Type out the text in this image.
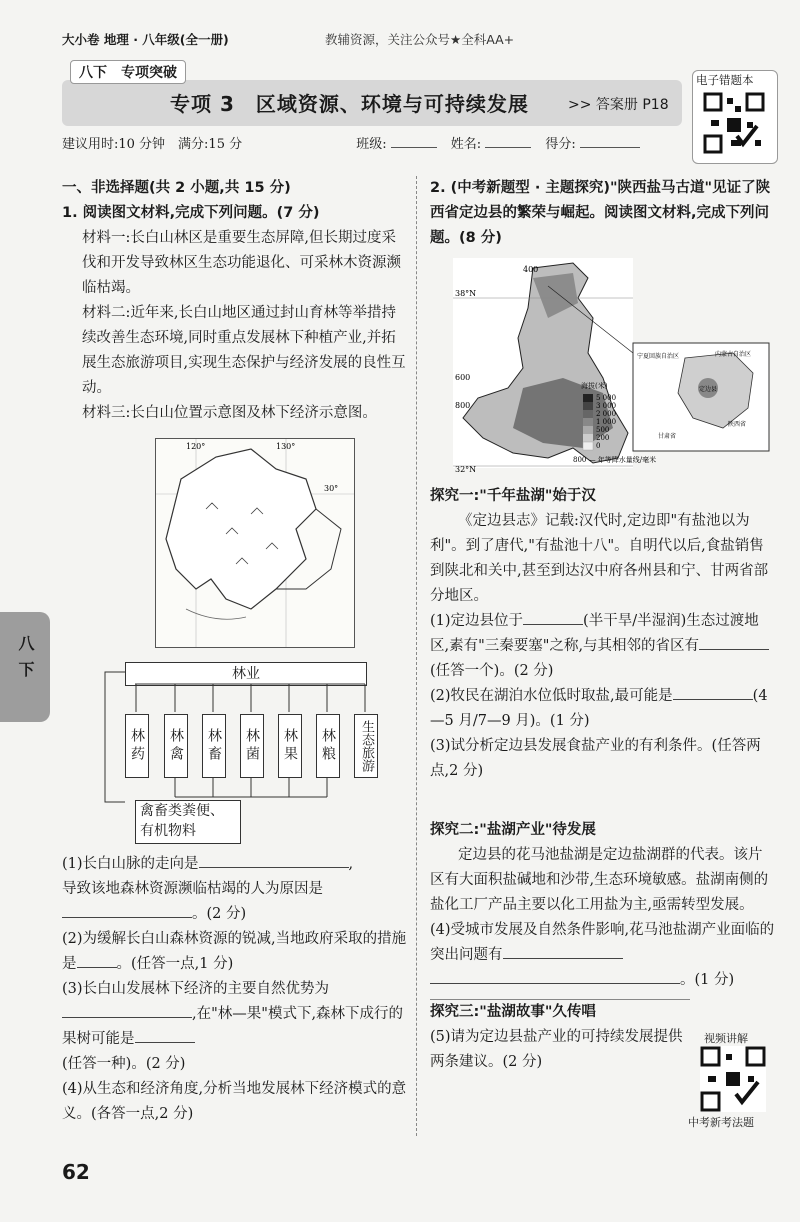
大小卷 地理 · 八年级(全一册)	教辅资源，关注公众号★全科AA+
八下　专项突破
专项 3　区域资源、环境与可持续发展	>> 答案册 P18
建议用时:10 分钟　满分:15 分	班级:	姓名:	得分:
电子错题本
八下

一、非选择题(共 2 小题,共 15 分)

1. 阅读图文材料,完成下列问题。(7 分)

材料一:长白山林区是重要生态屏障,但长期过度采伐和开发导致林区生态功能退化、可采林木资源濒临枯竭。

材料二:近年来,长白山地区通过封山育林等举措持续改善生态环境,同时重点发展林下种植产业,并拓展生态旅游项目,实现生态保护与经济发展的良性互动。

材料三:长白山位置示意图及林下经济示意图。

120°	130°
30°
林业
林药 林禽 林畜 林菌 林果 林粮	生态旅游
禽畜类粪便、
有机物料

(1)长白山脉的走向是	,

导致该地森林资源濒临枯竭的人为原因是

。(2 分)

(2)为缓解长白山森林资源的锐减,当地政府采取的措施是	。(任答一点,1 分)

(3)长白山发展林下经济的主要自然优势为,在"林—果"模式下,森林下成行的果树可能是

(任答一种)。(2 分)

(4)从生态和经济角度,分析当地发展林下经济模式的意义。(各答一点,2 分)

2. (中考新题型 · 主题探究)"陕西盐马古道"见证了陕西省定边县的繁荣与崛起。阅读图文材料,完成下列问题。(8 分)

400
38°N
600
800
32°N
海拔(米)
5 000
3 000
2 000
1 000
500
200
0
800 — 年等降水量线/毫米
内蒙古自治区
宁夏回族自治区
甘肃省
陕西省
定边县

探究一:"千年盐湖"始于汉

《定边县志》记载:汉代时,定边即"有盐池以为利"。到了唐代,"有盐池十八"。自明代以后,食盐销售到陕北和关中,甚至到达汉中府各州县和宁、甘两省部分地区。

(1)定边县位于	(半干旱/半湿润)生态过渡地区,素有"三秦要塞"之称,与其相邻的省区有(任答一个)。(2 分)

(2)牧民在湖泊水位低时取盐,最可能是	(4—5 月/7—9 月)。(1 分)

(3)试分析定边县发展食盐产业的有利条件。(任答两点,2 分)

探究二:"盐湖产业"待发展

定边县的花马池盐湖是定边盐湖群的代表。该片区有大面积盐碱地和沙带,生态环境敏感。盐湖南侧的盐化工厂产品主要以化工用盐为主,亟需转型发展。

(4)受城市发展及自然条件影响,花马池盐湖产业面临的突出问题有

。(1 分)

探究三:"盐湖故事"久传唱

(5)请为定边县盐产业的可持续发展提供两条建议。(2 分)

视频讲解
中考新考法题
62
